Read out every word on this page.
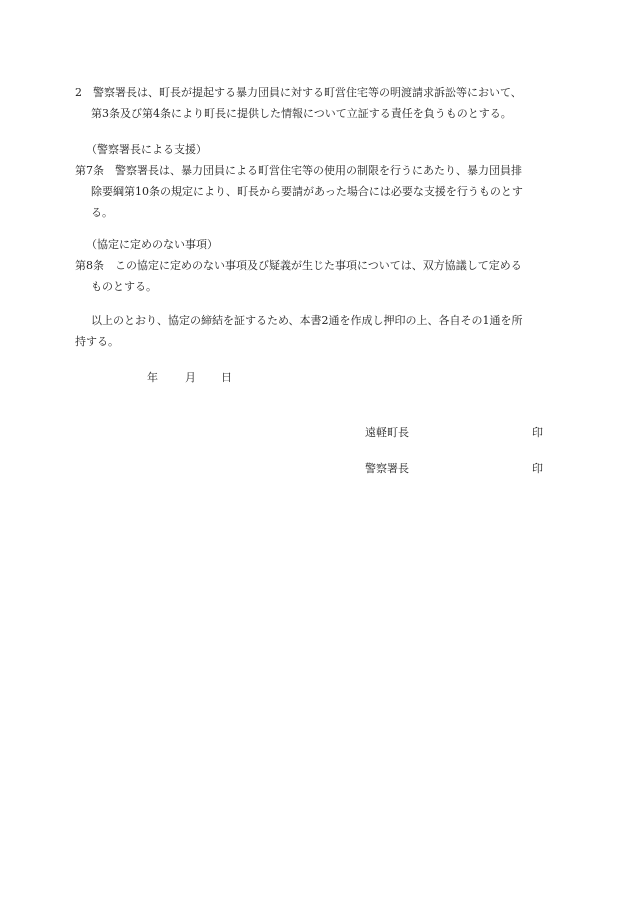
2　警察署長は、町長が提起する暴力団員に対する町営住宅等の明渡請求訴訟等において、
第3条及び第4条により町長に提供した情報について立証する責任を負うものとする。
（警察署長による支援）
第7条　警察署長は、暴力団員による町営住宅等の使用の制限を行うにあたり、暴力団員排
除要綱第10条の規定により、町長から要請があった場合には必要な支援を行うものとす
る。
（協定に定めのない事項）
第8条　この協定に定めのない事項及び疑義が生じた事項については、双方協議して定める
ものとする。
以上のとおり、協定の締結を証するため、本書2通を作成し押印の上、各自その1通を所
持する。
年 月 日
遠軽町長	印
警察署長	印
